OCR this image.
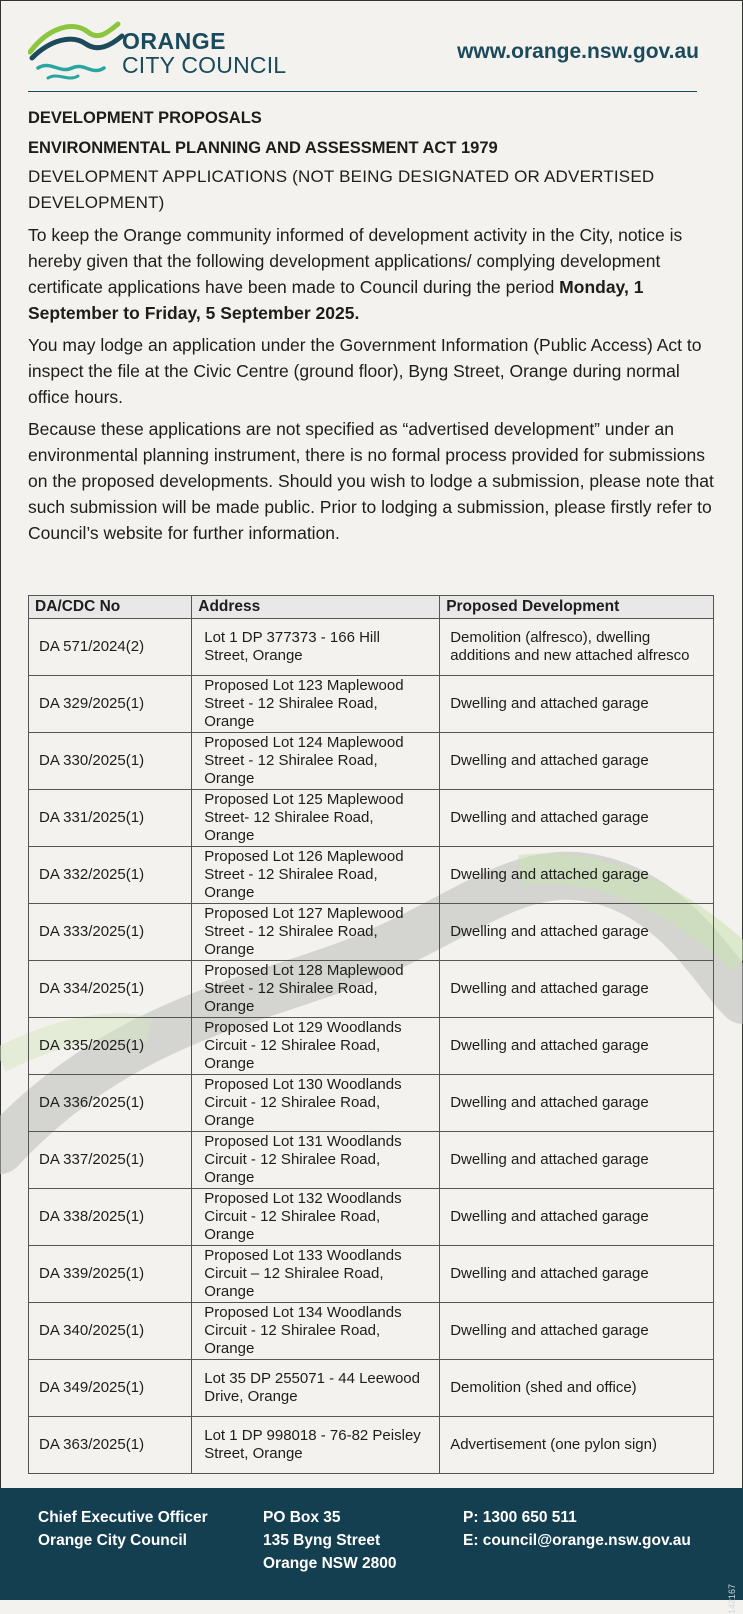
ORANGE
CITY COUNCIL
www.orange.nsw.gov.au

DEVELOPMENT PROPOSALS

ENVIRONMENTAL PLANNING AND ASSESSMENT ACT 1979

DEVELOPMENT APPLICATIONS (NOT BEING DESIGNATED OR ADVERTISED DEVELOPMENT)

To keep the Orange community informed of development activity in the City, notice is hereby given that the following development applications/ complying development certificate applications have been made to Council during the period Monday, 1 September to Friday, 5 September 2025.

You may lodge an application under the Government Information (Public Access) Act to inspect the file at the Civic Centre (ground floor), Byng Street, Orange during normal office hours.

Because these applications are not specified as “advertised development” under an environmental planning instrument, there is no formal process provided for submissions on the proposed developments. Should you wish to lodge a submission, please note that such submission will be made public. Prior to lodging a submission, please firstly refer to Council’s website for further information.

DA/CDC No	Address	Proposed Development
DA 571/2024(2)	Lot 1 DP 377373 - 166 Hill Street, Orange	Demolition (alfresco), dwelling additions and new attached alfresco
DA 329/2025(1)	Proposed Lot 123 Maplewood Street - 12 Shiralee Road, Orange	Dwelling and attached garage
DA 330/2025(1)	Proposed Lot 124 Maplewood Street - 12 Shiralee Road, Orange	Dwelling and attached garage
DA 331/2025(1)	Proposed Lot 125 Maplewood Street- 12 Shiralee Road, Orange	Dwelling and attached garage
DA 332/2025(1)	Proposed Lot 126 Maplewood Street - 12 Shiralee Road, Orange	Dwelling and attached garage
DA 333/2025(1)	Proposed Lot 127 Maplewood Street - 12 Shiralee Road, Orange	Dwelling and attached garage
DA 334/2025(1)	Proposed Lot 128 Maplewood Street - 12 Shiralee Road, Orange	Dwelling and attached garage
DA 335/2025(1)	Proposed Lot 129 Woodlands Circuit - 12 Shiralee Road, Orange	Dwelling and attached garage
DA 336/2025(1)	Proposed Lot 130 Woodlands Circuit - 12 Shiralee Road, Orange	Dwelling and attached garage
DA 337/2025(1)	Proposed Lot 131 Woodlands Circuit - 12 Shiralee Road, Orange	Dwelling and attached garage
DA 338/2025(1)	Proposed Lot 132 Woodlands Circuit - 12 Shiralee Road, Orange	Dwelling and attached garage
DA 339/2025(1)	Proposed Lot 133 Woodlands Circuit – 12 Shiralee Road, Orange	Dwelling and attached garage
DA 340/2025(1)	Proposed Lot 134 Woodlands Circuit - 12 Shiralee Road, Orange	Dwelling and attached garage
DA 349/2025(1)	Lot 35 DP 255071 - 44 Leewood Drive, Orange	Demolition (shed and office)
DA 363/2025(1)	Lot 1 DP 998018 - 76-82 Peisley Street, Orange	Advertisement (one pylon sign)
Chief Executive Officer
Orange City Council
PO Box 35
135 Byng Street
Orange NSW 2800
P: 1300 650 511
E: council@orange.nsw.gov.au
142167
